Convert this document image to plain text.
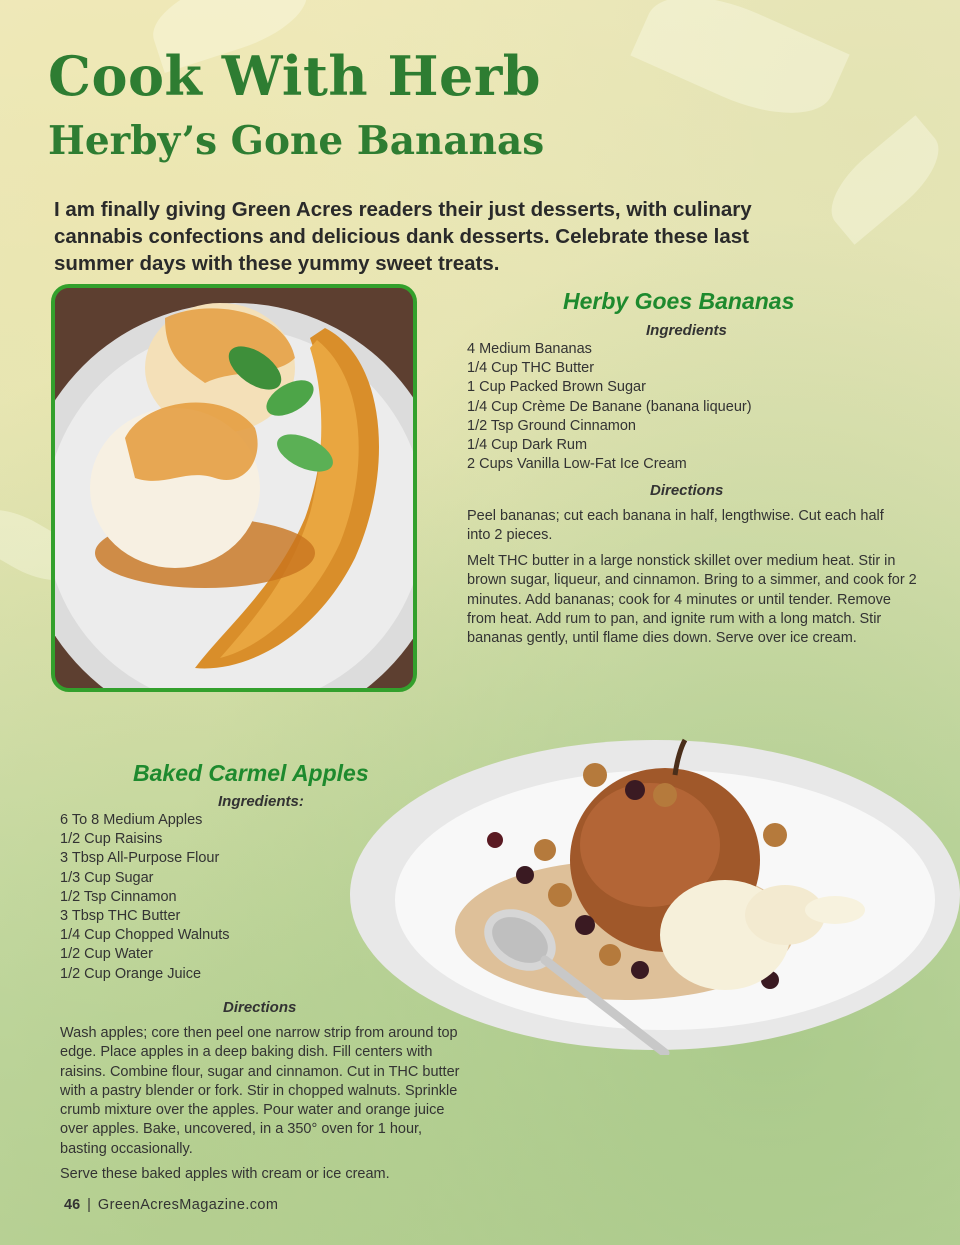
Cook With Herb
Herby’s Gone Bananas

I am finally giving Green Acres readers their just desserts, with culinary cannabis confections and delicious dank desserts. Celebrate these last summer days with these yummy sweet treats.

Herby Goes Bananas
Ingredients
4 Medium Bananas
1/4 Cup THC Butter
1 Cup Packed Brown Sugar
1/4 Cup Crème De Banane (banana liqueur)
1/2 Tsp Ground Cinnamon
1/4 Cup Dark Rum
2 Cups Vanilla Low-Fat Ice Cream
Directions

Peel bananas; cut each banana in half, lengthwise. Cut each half into 2 pieces.

Melt THC butter in a large nonstick skillet over medium heat. Stir in brown sugar, liqueur, and cinnamon. Bring to a simmer, and cook for 2 minutes. Add bananas; cook for 4 minutes or until tender. Remove from heat. Add rum to pan, and ignite rum with a long match. Stir bananas gently, until flame dies down. Serve over ice cream.

Baked Carmel Apples
Ingredients:
6 To 8 Medium Apples
1/2 Cup Raisins
3 Tbsp All-Purpose Flour
1/3 Cup Sugar
1/2 Tsp Cinnamon
3 Tbsp THC Butter
1/4 Cup Chopped Walnuts
1/2 Cup Water
1/2 Cup Orange Juice
Directions

Wash apples; core then peel one narrow strip from around top edge. Place apples in a deep baking dish. Fill centers with raisins. Combine flour, sugar and cinnamon. Cut in THC butter with a pastry blender or fork. Stir in chopped walnuts. Sprinkle crumb mixture over the apples. Pour water and orange juice over apples. Bake, uncovered, in a 350° oven for 1 hour, basting occasionally.

Serve these baked apples with cream or ice cream.

46 | GreenAcresMagazine.com
